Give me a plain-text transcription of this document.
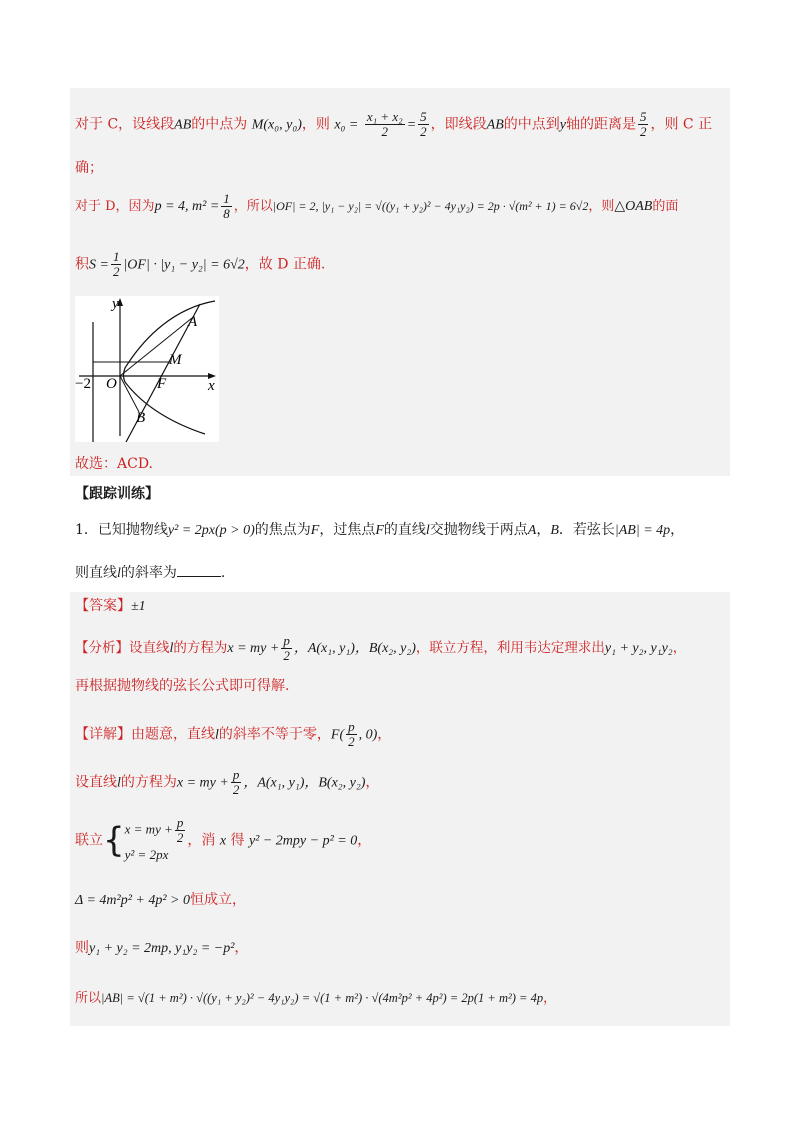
对于 C，设线段AB的中点为 M(x₀, y₀)，则 $x_0 = \frac{\text{x₁ + x₂}}{2} = \frac{5}{2}$ ，即线段AB的中点到y轴的距离是 $\frac{5}{2}$ ，则 C 正
确；
对于 D，因为p = 4, $m^2 = \frac{1}{8}$ ，所以|OF| = 2, |y₁ − y₂| = √((y₁ + y₂)² − 4y₁y₂) = 2p · √(m² + 1) = 6√2，则△OAB的面
积$S = \frac{1}{2} |OF| \cdot |y_1 - y_2| = 6√2$，故 D 正确.
y
x
A
M
O	F
B
−2
故选：ACD.
【跟踪训练】
1．已知抛物线y² = 2px(p > 0)的焦点为F，过焦点F的直线l交抛物线于两点A，B．若弦长|AB| = 4p，
则直线l的斜率为	.
【答案】±1
【分析】设直线l的方程为x = my + $\frac{p}{2}$ ，A(x₁, y₁)，B(x₂, y₂)，联立方程，利用韦达定理求出y₁ + y₂, y₁y₂，
再根据抛物线的弦长公式即可得解.
【详解】由题意，直线l的斜率不等于零，$F( \frac{p}{2}$ , 0)，
设直线l的方程为x = my + $\frac{p}{2}$ ，A(x₁, y₁)，B(x₂, y₂)，
联立{ x = my + $\frac{p}{2}$
y² = 2px
，消 x 得 y² − 2mpy − p² = 0，
Δ = 4m²p² + 4p² > 0恒成立，
则y₁ + y₂ = 2mp, y₁y₂ = −p²，
所以|AB| = √(1 + m²) · √((y₁ + y₂)² − 4y₁y₂) = √(1 + m²) · √(4m²p² + 4p²) = 2p(1 + m²) = 4p，
